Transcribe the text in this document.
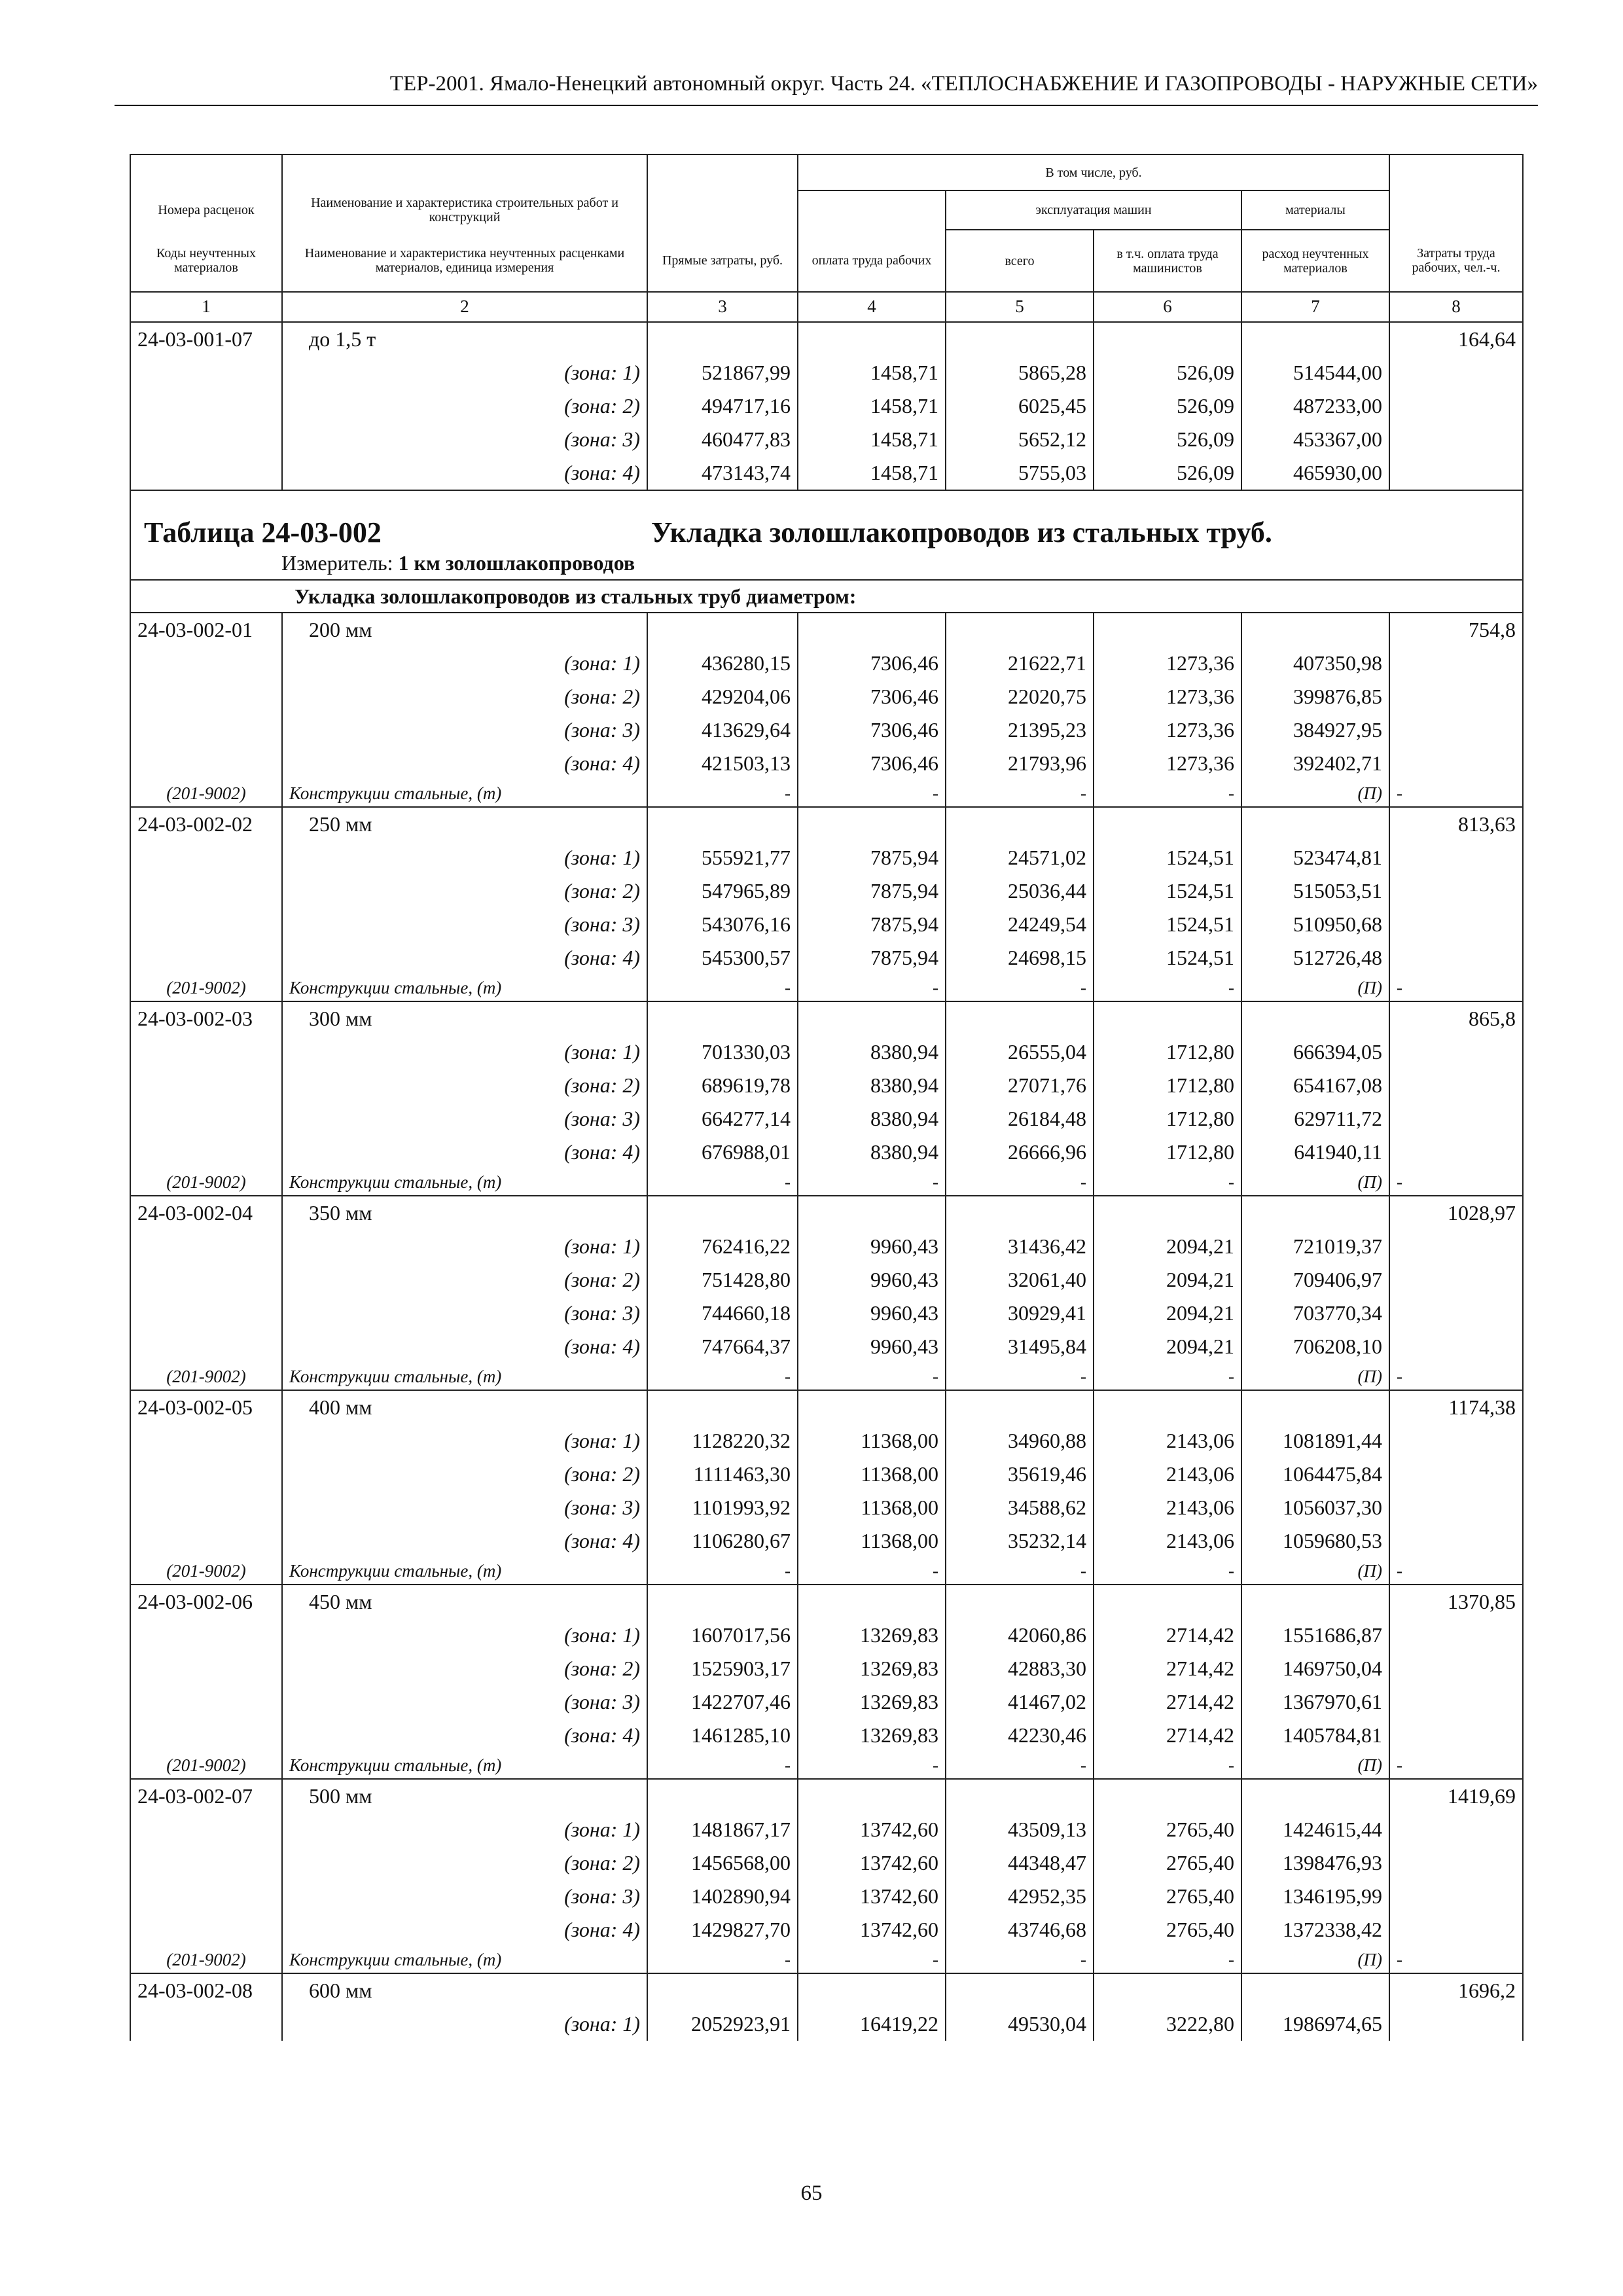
ТЕР-2001. Ямало-Ненецкий автономный округ. Часть 24. «ТЕПЛОСНАБЖЕНИЕ И ГАЗОПРОВОДЫ - НАРУЖНЫЕ СЕТИ»
			В том числе, руб.				
Номера расценок	Наименование и характеристика строительных работ и конструкций			эксплуатация машин		материалы	
Коды неучтенных материалов	Наименование и характеристика неучтенных расценками материалов, единица измерения	Прямые затраты, руб.	оплата труда рабочих	всего	в т.ч. оплата труда машинистов	расход неучтенных материалов	Затраты труда рабочих, чел.-ч.
1	2	3	4	5	6	7	8
24-03-001-07	до 1,5 т						164,64
	(зона: 1)	521867,99	1458,71	5865,28	526,09	514544,00	
	(зона: 2)	494717,16	1458,71	6025,45	526,09	487233,00	
	(зона: 3)	460477,83	1458,71	5652,12	526,09	453367,00	
	(зона: 4)	473143,74	1458,71	5755,03	526,09	465930,00	

Таблица 24-03-002 Укладка золошлакопроводов из стальных труб.
Измеритель: 1 км золошлакопроводов							

Укладка золошлакопроводов из стальных труб диаметром:							
24-03-002-01	200 мм						754,8
	(зона: 1)	436280,15	7306,46	21622,71	1273,36	407350,98	
	(зона: 2)	429204,06	7306,46	22020,75	1273,36	399876,85	
	(зона: 3)	413629,64	7306,46	21395,23	1273,36	384927,95	
	(зона: 4)	421503,13	7306,46	21793,96	1273,36	392402,71	
(201-9002)	Конструкции стальные, (т)	-	-	-	-	(П)	-
24-03-002-02	250 мм						813,63
	(зона: 1)	555921,77	7875,94	24571,02	1524,51	523474,81	
	(зона: 2)	547965,89	7875,94	25036,44	1524,51	515053,51	
	(зона: 3)	543076,16	7875,94	24249,54	1524,51	510950,68	
	(зона: 4)	545300,57	7875,94	24698,15	1524,51	512726,48	
(201-9002)	Конструкции стальные, (т)	-	-	-	-	(П)	-
24-03-002-03	300 мм						865,8
	(зона: 1)	701330,03	8380,94	26555,04	1712,80	666394,05	
	(зона: 2)	689619,78	8380,94	27071,76	1712,80	654167,08	
	(зона: 3)	664277,14	8380,94	26184,48	1712,80	629711,72	
	(зона: 4)	676988,01	8380,94	26666,96	1712,80	641940,11	
(201-9002)	Конструкции стальные, (т)	-	-	-	-	(П)	-
24-03-002-04	350 мм						1028,97
	(зона: 1)	762416,22	9960,43	31436,42	2094,21	721019,37	
	(зона: 2)	751428,80	9960,43	32061,40	2094,21	709406,97	
	(зона: 3)	744660,18	9960,43	30929,41	2094,21	703770,34	
	(зона: 4)	747664,37	9960,43	31495,84	2094,21	706208,10	
(201-9002)	Конструкции стальные, (т)	-	-	-	-	(П)	-
24-03-002-05	400 мм						1174,38
	(зона: 1)	1128220,32	11368,00	34960,88	2143,06	1081891,44	
	(зона: 2)	1111463,30	11368,00	35619,46	2143,06	1064475,84	
	(зона: 3)	1101993,92	11368,00	34588,62	2143,06	1056037,30	
	(зона: 4)	1106280,67	11368,00	35232,14	2143,06	1059680,53	
(201-9002)	Конструкции стальные, (т)	-	-	-	-	(П)	-
24-03-002-06	450 мм						1370,85
	(зона: 1)	1607017,56	13269,83	42060,86	2714,42	1551686,87	
	(зона: 2)	1525903,17	13269,83	42883,30	2714,42	1469750,04	
	(зона: 3)	1422707,46	13269,83	41467,02	2714,42	1367970,61	
	(зона: 4)	1461285,10	13269,83	42230,46	2714,42	1405784,81	
(201-9002)	Конструкции стальные, (т)	-	-	-	-	(П)	-
24-03-002-07	500 мм						1419,69
	(зона: 1)	1481867,17	13742,60	43509,13	2765,40	1424615,44	
	(зона: 2)	1456568,00	13742,60	44348,47	2765,40	1398476,93	
	(зона: 3)	1402890,94	13742,60	42952,35	2765,40	1346195,99	
	(зона: 4)	1429827,70	13742,60	43746,68	2765,40	1372338,42	
(201-9002)	Конструкции стальные, (т)	-	-	-	-	(П)	-
24-03-002-08	600 мм						1696,2
	(зона: 1)	2052923,91	16419,22	49530,04	3222,80	1986974,65	
65
